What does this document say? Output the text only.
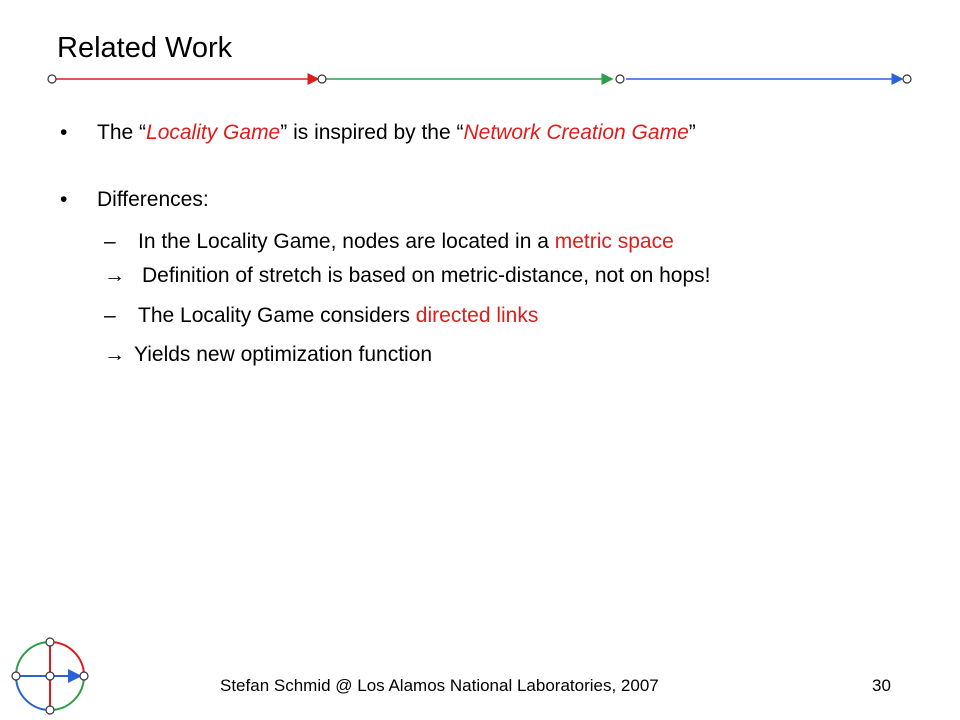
Related Work
• The “Locality Game” is inspired by the “Network Creation Game”
• Differences:
– In the Locality Game, nodes are located in a metric space
→ Definition of stretch is based on metric-distance, not on hops!
– The Locality Game considers directed links
→ Yields new optimization function
Stefan Schmid @ Los Alamos National Laboratories, 2007	30
